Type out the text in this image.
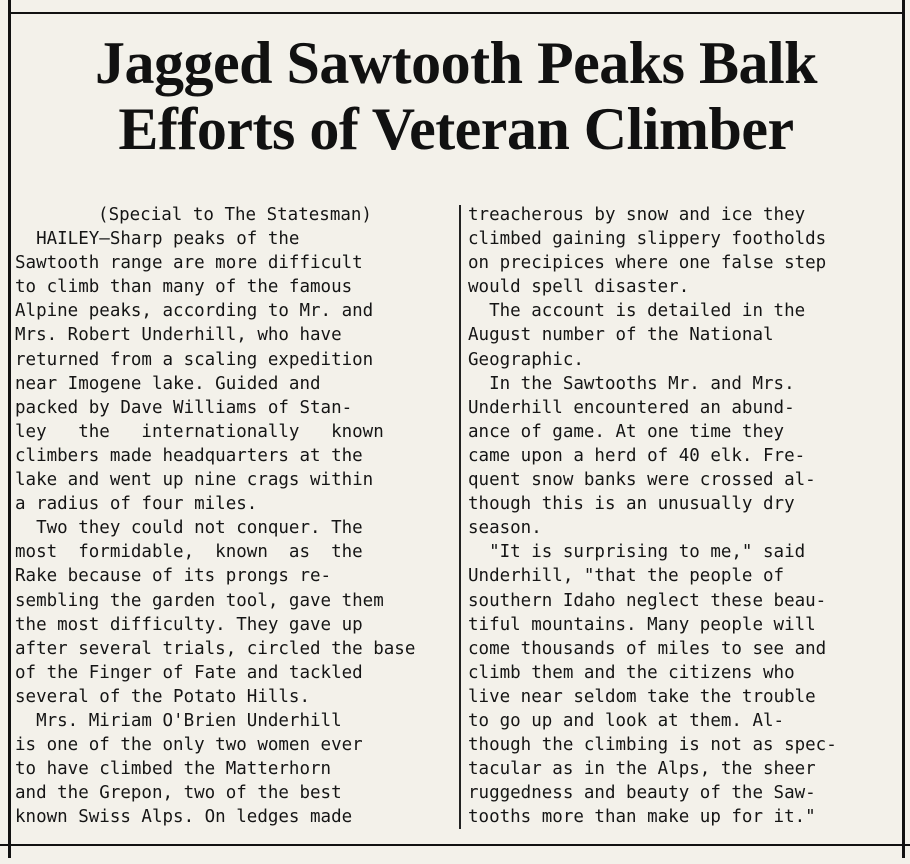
Jagged Sawtooth Peaks Balk
Efforts of Veteran Climber
(Special to The Statesman)
HAILEY—Sharp peaks of the
Sawtooth range are more difficult
to climb than many of the famous
Alpine peaks, according to Mr. and
Mrs. Robert Underhill, who have
returned from a scaling expedition
near Imogene lake. Guided and
packed by Dave Williams of Stan-
ley   the   internationally   known
climbers made headquarters at the
lake and went up nine crags within
a radius of four miles.
Two they could not conquer. The
most  formidable,  known  as  the
Rake because of its prongs re-
sembling the garden tool, gave them
the most difficulty. They gave up
after several trials, circled the base
of the Finger of Fate and tackled
several of the Potato Hills.
Mrs. Miriam O'Brien Underhill
is one of the only two women ever
to have climbed the Matterhorn
and the Grepon, two of the best
known Swiss Alps. On ledges made
treacherous by snow and ice they
climbed gaining slippery footholds
on precipices where one false step
would spell disaster.
The account is detailed in the
August number of the National
Geographic.
In the Sawtooths Mr. and Mrs.
Underhill encountered an abund-
ance of game. At one time they
came upon a herd of 40 elk. Fre-
quent snow banks were crossed al-
though this is an unusually dry
season.
"It is surprising to me," said
Underhill, "that the people of
southern Idaho neglect these beau-
tiful mountains. Many people will
come thousands of miles to see and
climb them and the citizens who
live near seldom take the trouble
to go up and look at them. Al-
though the climbing is not as spec-
tacular as in the Alps, the sheer
ruggedness and beauty of the Saw-
tooths more than make up for it."
